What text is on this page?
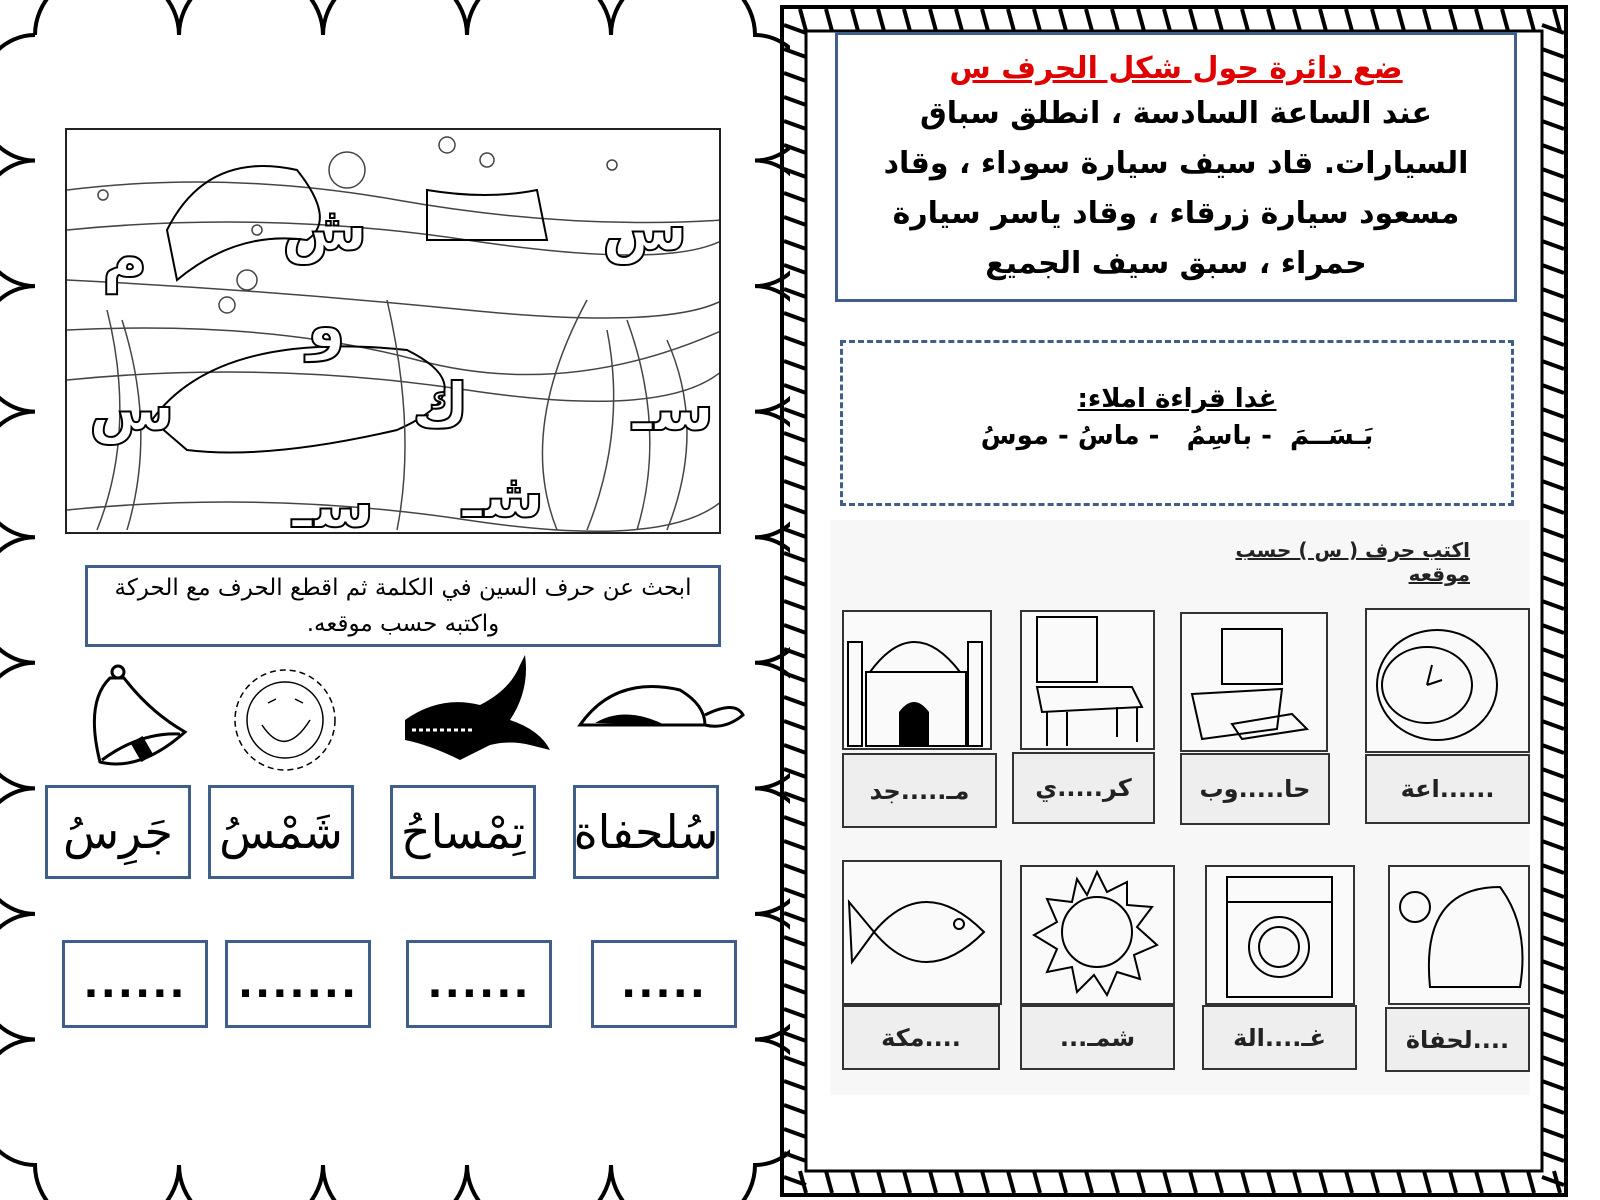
م ش	س
و
س	ك	سـ
شـ
سـ
ابحث عن حرف السين في الكلمة ثم اقطع الحرف مع الحركة واكتبه حسب موقعه.
جَرِسُ	شَمْسُ تِمْساحُ سُلحفاة
......	.......	......	.....
ضع دائرة حول شكل الحرف س
عند الساعة السادسة ، انطلق سباق السيارات. قاد سيف سيارة سوداء ، وقاد مسعود سيارة زرقاء ، وقاد ياسر سيارة حمراء ، سبق سيف الجميع
غدا قراءة املاء:
بَـسَــمَ  - باسِمُ   - ماسُ - موسُ
اكتب حرف ( س ) حسب موقعه
مـ.....جد	كر.....ي	حا.....وب	......اعة
....مكة	شمـ...	غـ....الة	....لحفاة
